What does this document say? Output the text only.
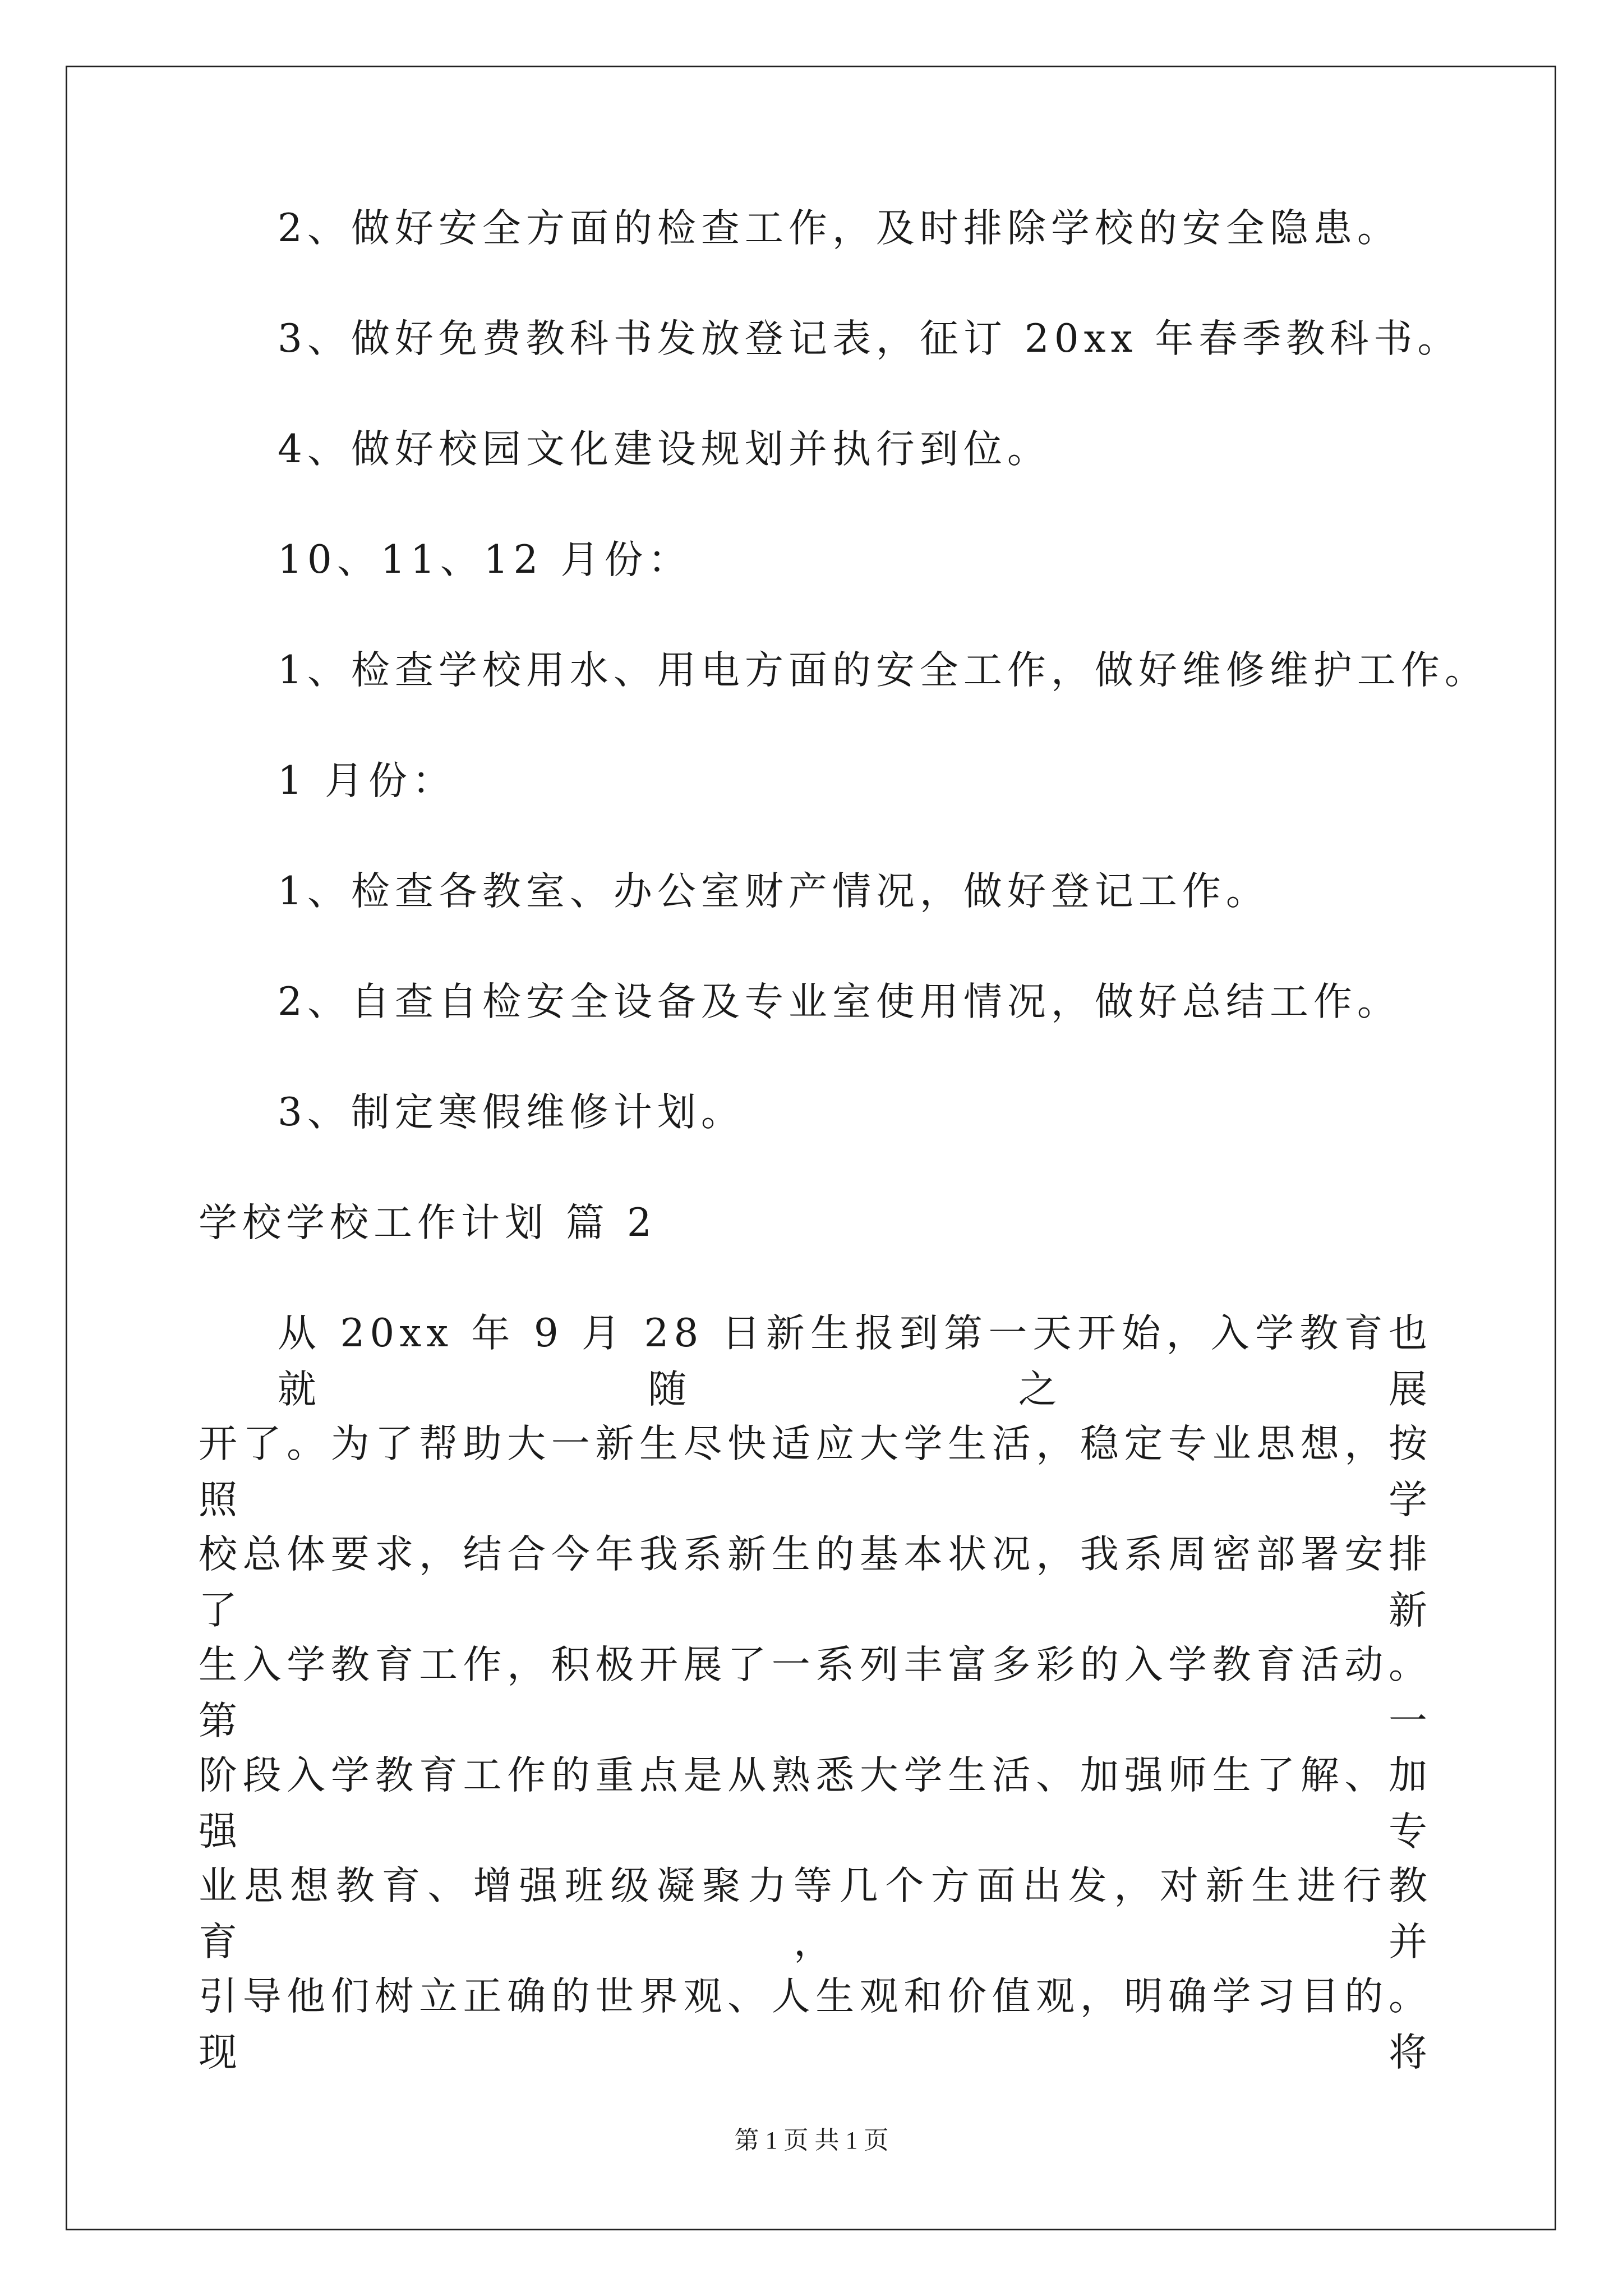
2、做好安全方面的检查工作，及时排除学校的安全隐患。
3、做好免费教科书发放登记表，征订 20xx 年春季教科书。
4、做好校园文化建设规划并执行到位。
10、11、12 月份：
1、检查学校用水、用电方面的安全工作，做好维修维护工作。
1 月份：
1、检查各教室、办公室财产情况，做好登记工作。
2、自查自检安全设备及专业室使用情况，做好总结工作。
3、制定寒假维修计划。
学校学校工作计划 篇 2
从 20xx 年 9 月 28 日新生报到第一天开始，入学教育也就随之展
开了。为了帮助大一新生尽快适应大学生活，稳定专业思想，按照学
校总体要求，结合今年我系新生的基本状况，我系周密部署安排了新
生入学教育工作，积极开展了一系列丰富多彩的入学教育活动。第一
阶段入学教育工作的重点是从熟悉大学生活、加强师生了解、加强专
业思想教育、增强班级凝聚力等几个方面出发，对新生进行教育，并
引导他们树立正确的世界观、人生观和价值观，明确学习目的。现将
第 1 页 共 1 页
